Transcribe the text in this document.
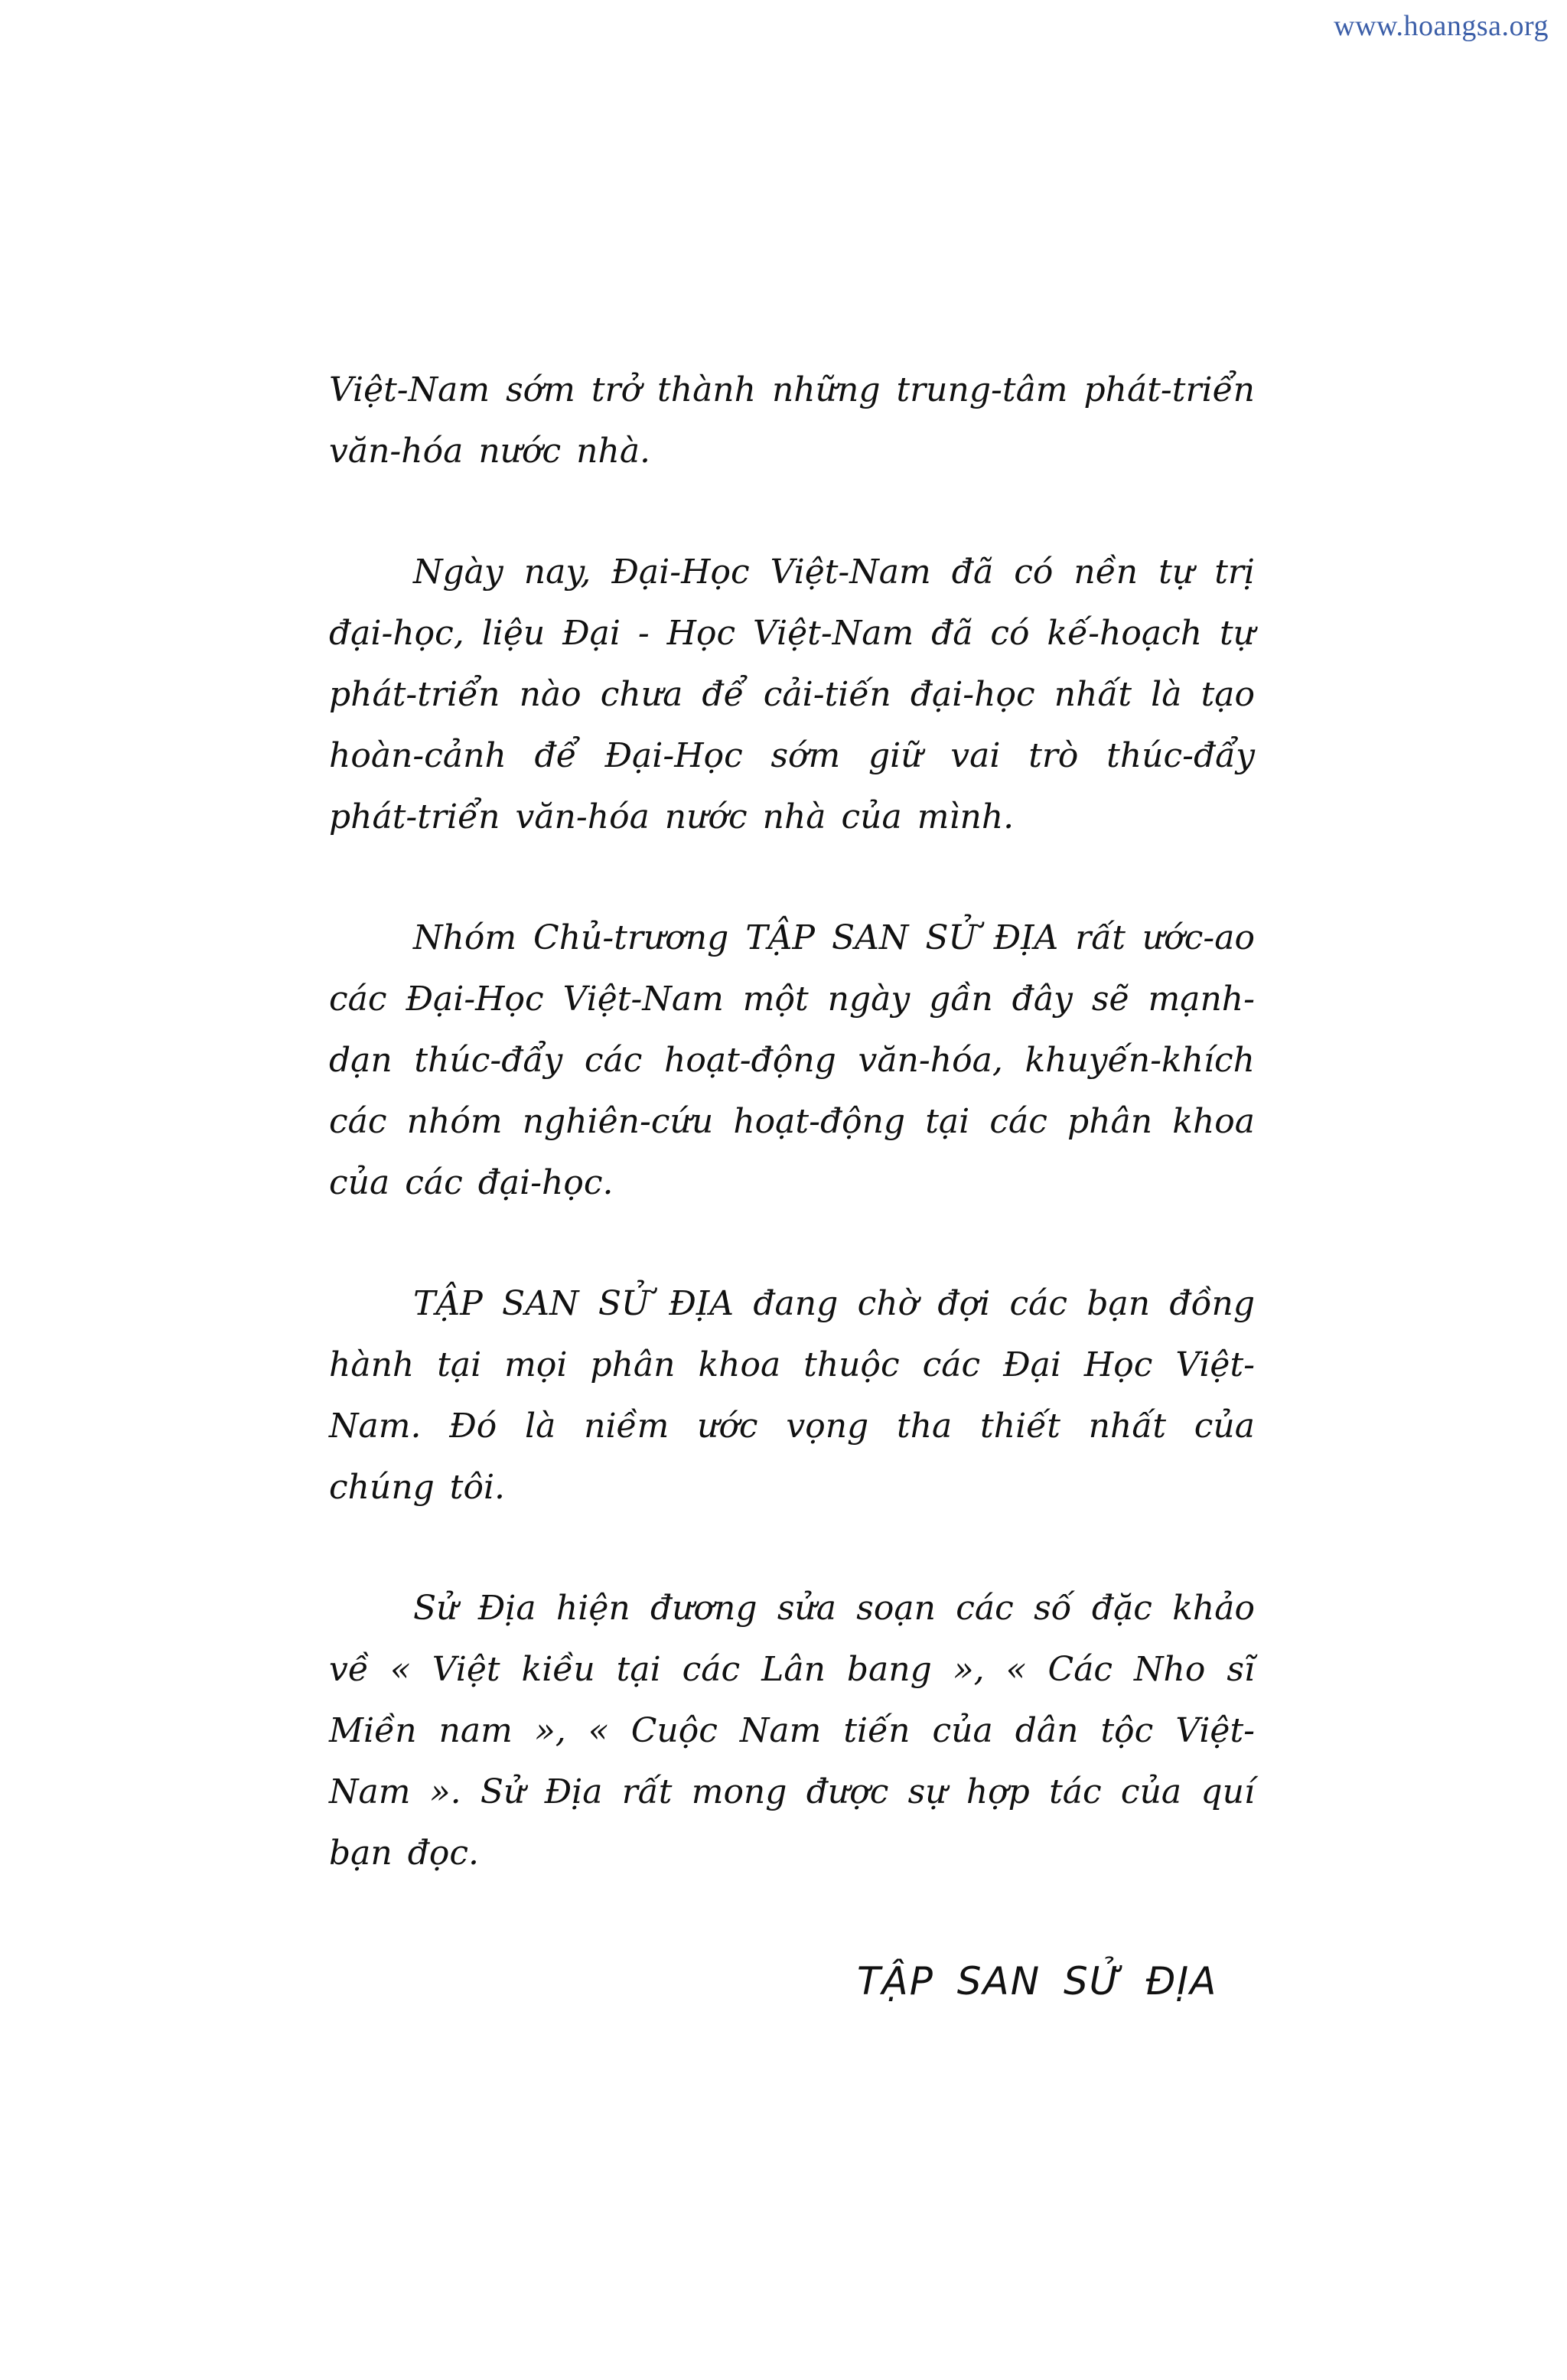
www.hoangsa.org

Việt-Nam sớm trở thành những trung-tâm phát-triển văn-hóa nước nhà.

Ngày nay, Đại-Học Việt-Nam đã có nền tự trị đại-học, liệu Đại - Học Việt-Nam đã có kế-hoạch tự phát-triển nào chưa để cải-tiến đại-học nhất là tạo hoàn-cảnh để Đại-Học sớm giữ vai trò thúc-đẩy phát-triển văn-hóa nước nhà của mình.

Nhóm Chủ-trương TẬP SAN SỬ ĐỊA rất ước-ao các Đại-Học Việt-Nam một ngày gần đây sẽ mạnh-dạn thúc-đẩy các hoạt-động văn-hóa, khuyến-khích các nhóm nghiên-cứu hoạt-động tại các phân khoa của các đại-học.

TẬP SAN SỬ ĐỊA đang chờ đợi các bạn đồng hành tại mọi phân khoa thuộc các Đại Học Việt-Nam. Đó là niềm ước vọng tha thiết nhất của chúng tôi.

Sử Địa hiện đương sửa soạn các số đặc khảo về « Việt kiều tại các Lân bang », « Các Nho sĩ Miền nam », « Cuộc Nam tiến của dân tộc Việt-Nam ». Sử Địa rất mong được sự hợp tác của quí bạn đọc.

TẬP SAN SỬ ĐỊA
